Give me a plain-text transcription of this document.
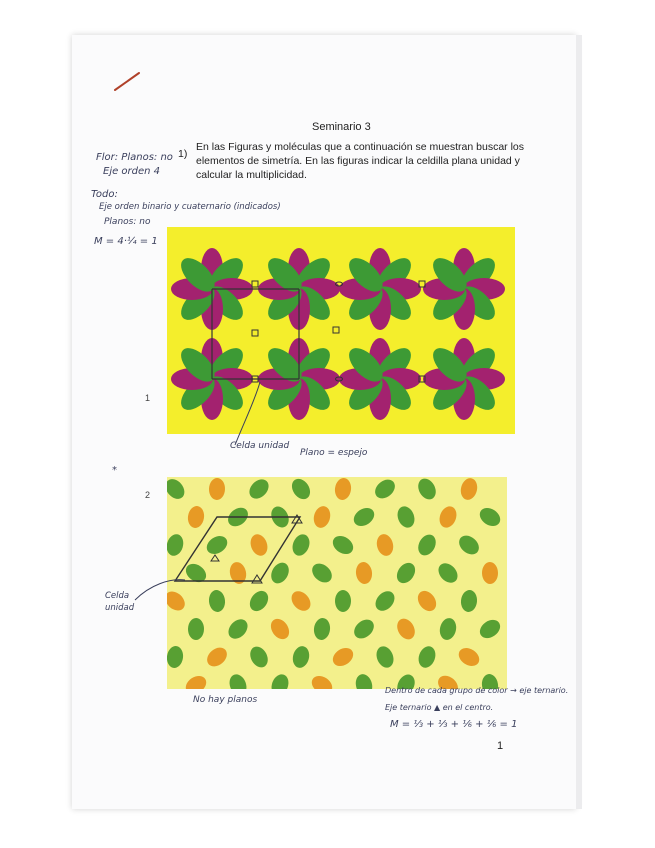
Seminario 3
1)
En las Figuras y moléculas que a continuación se muestran buscar los elementos de simetría. En las figuras indicar la celdilla plana unidad y calcular la multiplicidad.
Flor: Planos: no
Eje orden 4
Todo:
Eje orden binario y cuaternario (indicados)
Planos: no
M = 4·¼ = 1
1
Celda unidad
Plano = espejo
*
2
Celda unidad
No hay planos
Dentro de cada grupo de color → eje ternario.
Eje ternario ▲ en el centro.
M = ⅓ + ⅓ + ⅙ + ⅙ = 1
1
